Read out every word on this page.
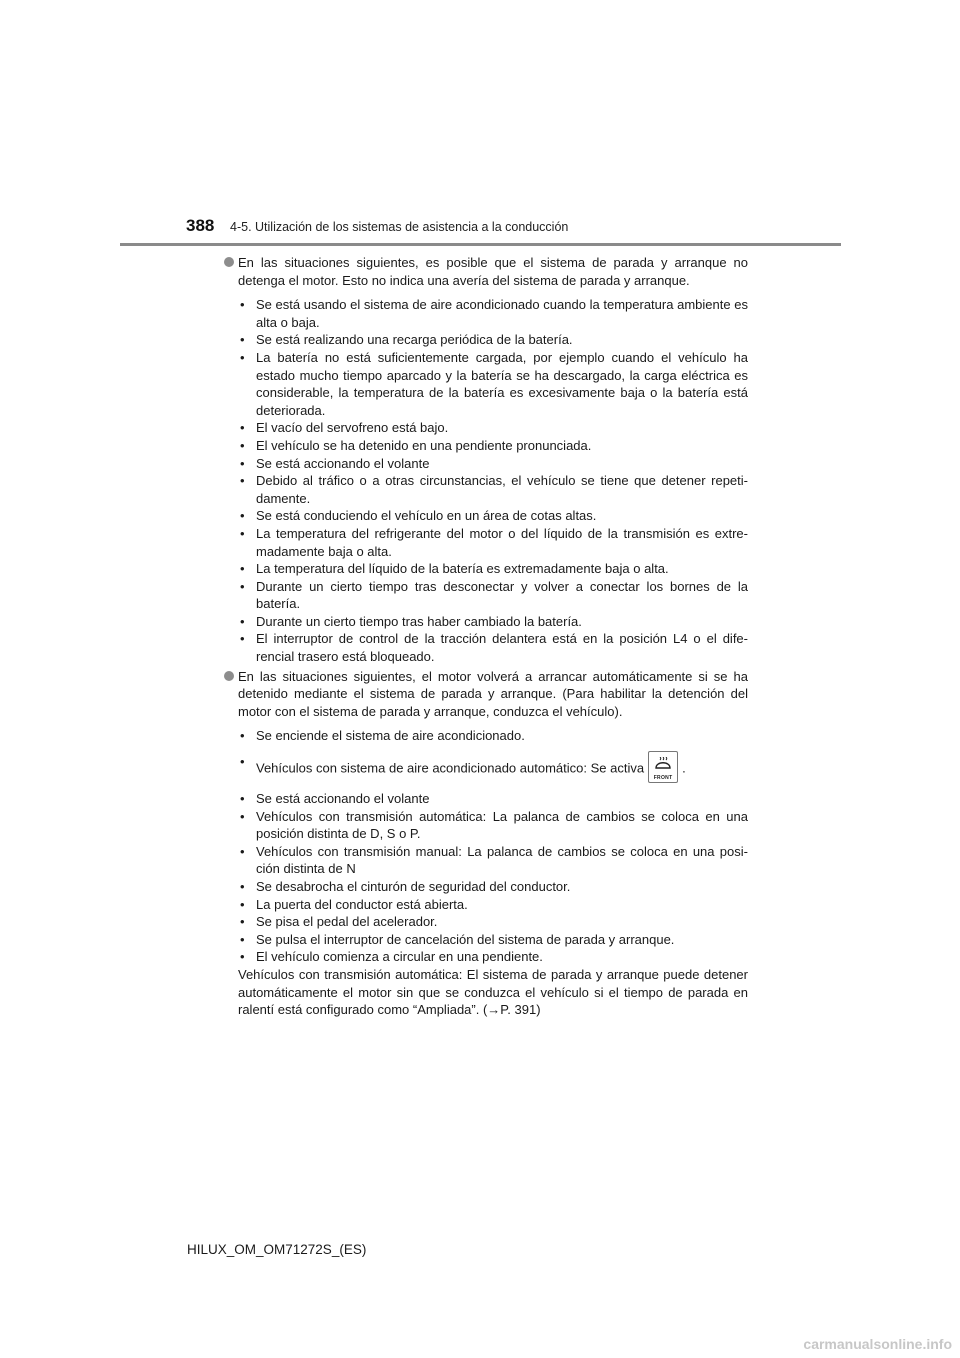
388 4-5. Utilización de los sistemas de asistencia a la conducción
En las situaciones siguientes, es posible que el sistema de parada y arranque no detenga el motor. Esto no indica una avería del sistema de parada y arranque.
• Se está usando el sistema de aire acondicionado cuando la temperatura ambiente es alta o baja.
• Se está realizando una recarga periódica de la batería.
• La batería no está suficientemente cargada, por ejemplo cuando el vehículo ha estado mucho tiempo aparcado y la batería se ha descargado, la carga eléctrica es considerable, la temperatura de la batería es excesivamente baja o la batería está deteriorada.
• El vacío del servofreno está bajo.
• El vehículo se ha detenido en una pendiente pronunciada.
• Se está accionando el volante
• Debido al tráfico o a otras circunstancias, el vehículo se tiene que detener repeti-damente.
• Se está conduciendo el vehículo en un área de cotas altas.
• La temperatura del refrigerante del motor o del líquido de la transmisión es extre-madamente baja o alta.
• La temperatura del líquido de la batería es extremadamente baja o alta.
• Durante un cierto tiempo tras desconectar y volver a conectar los bornes de la batería.
• Durante un cierto tiempo tras haber cambiado la batería.
• El interruptor de control de la tracción delantera está en la posición L4 o el dife-rencial trasero está bloqueado.
En las situaciones siguientes, el motor volverá a arrancar automáticamente si se ha detenido mediante el sistema de parada y arranque. (Para habilitar la detención del motor con el sistema de parada y arranque, conduzca el vehículo).
• Se enciende el sistema de aire acondicionado.
• Vehículos con sistema de aire acondicionado automático: Se activa
FRONT
.
• Se está accionando el volante
• Vehículos con transmisión automática: La palanca de cambios se coloca en una posición distinta de D, S o P.
• Vehículos con transmisión manual: La palanca de cambios se coloca en una posi-ción distinta de N
• Se desabrocha el cinturón de seguridad del conductor.
• La puerta del conductor está abierta.
• Se pisa el pedal del acelerador.
• Se pulsa el interruptor de cancelación del sistema de parada y arranque.
• El vehículo comienza a circular en una pendiente.
Vehículos con transmisión automática: El sistema de parada y arranque puede detener automáticamente el motor sin que se conduzca el vehículo si el tiempo de parada en ralentí está configurado como “Ampliada”. (→P. 391)
HILUX_OM_OM71272S_(ES)
carmanualsonline.info
